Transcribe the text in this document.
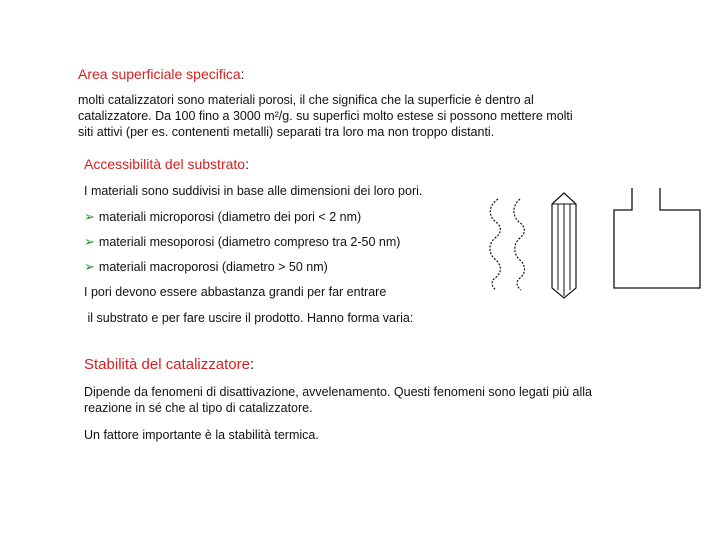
Area superficiale specifica:
molti catalizzatori sono materiali porosi, il che significa che la superficie è dentro al
catalizzatore. Da 100 fino a 3000 m²/g. su superfici molto estese si possono mettere molti
siti attivi (per es. contenenti metalli) separati tra loro ma non troppo distanti.
Accessibilità del substrato:
I materiali sono suddivisi in base alle dimensioni dei loro pori.
➢ materiali microporosi (diametro dei pori < 2 nm)
➢ materiali mesoporosi (diametro compreso tra 2-50 nm)
➢ materiali macroporosi (diametro > 50 nm)
I pori devono essere abbastanza grandi per far entrare
il substrato e per fare uscire il prodotto. Hanno forma varia:
Stabilità del catalizzatore:
Dipende da fenomeni di disattivazione, avvelenamento. Questi fenomeni sono legati più alla
reazione in sé che al tipo di catalizzatore.
Un fattore importante è la stabilità termica.
